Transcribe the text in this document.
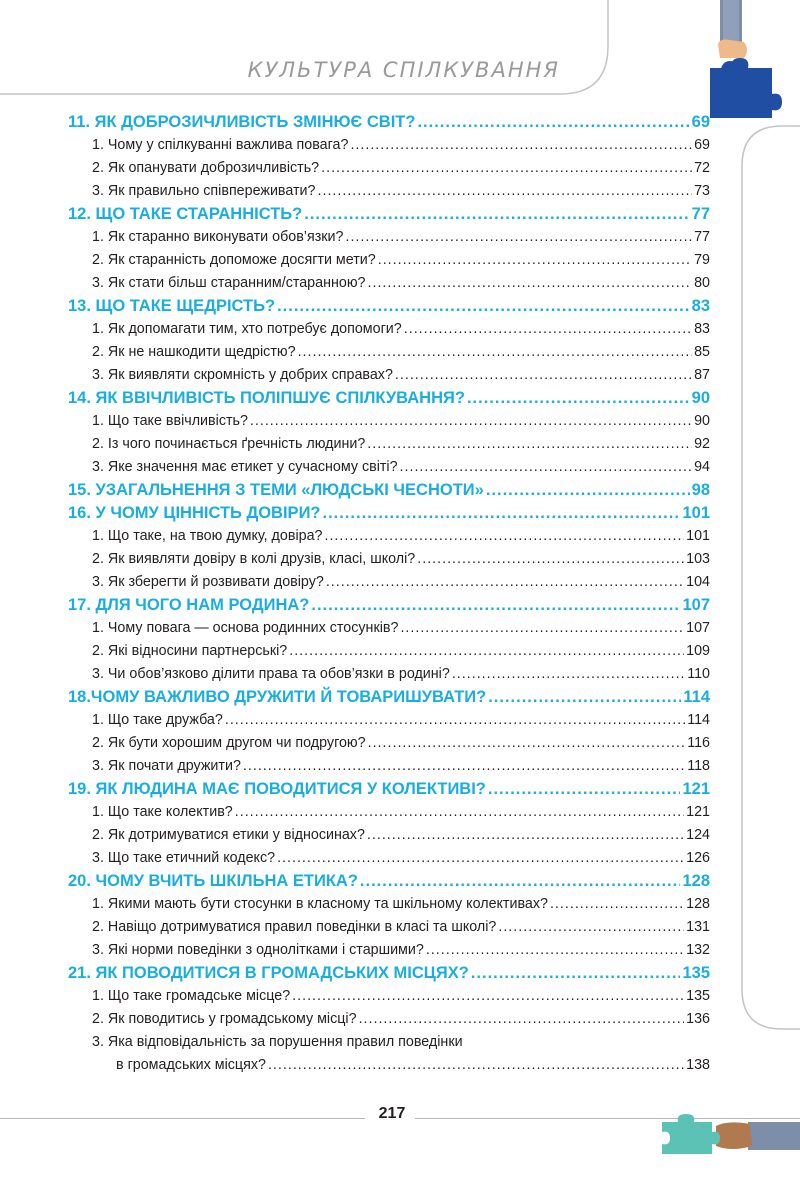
КУЛЬТУРА СПІЛКУВАННЯ
11. ЯК ДОБРОЗИЧЛИВІСТЬ ЗМІНЮЄ СВІТ? .....	69
1. Чому у спілкуванні важлива повага? .....	69
2. Як опанувати доброзичливість? .....	72
3. Як правильно співпереживати? .....	73
12. ЩО ТАКЕ СТАРАННІСТЬ? .....	77
1. Як старанно виконувати обов’язки? .....	77
2. Як старанність допоможе досягти мети? .....	79
3. Як стати більш старанним/старанною? .....	80
13. ЩО ТАКЕ ЩЕДРІСТЬ? .....	83
1. Як допомагати тим, хто потребує допомоги? .....	83
2. Як не нашкодити щедрістю? .....	85
3. Як виявляти скромність у добрих справах? .....	87
14. ЯК ВВІЧЛИВІСТЬ ПОЛІПШУЄ СПІЛКУВАННЯ? .....	90
1. Що таке ввічливість? .....	90
2. Із чого починається ґречність людини? .....	92
3. Яке значення має етикет у сучасному світі? .....	94
15. УЗАГАЛЬНЕННЯ З ТЕМИ «ЛЮДСЬКІ ЧЕСНОТИ» .....	98
16. У ЧОМУ ЦІННІСТЬ ДОВІРИ? .....	101
1. Що таке, на твою думку, довіра? .....	101
2. Як виявляти довіру в колі друзів, класі, школі? .....	103
3. Як зберегти й розвивати довіру? .....	104
17. ДЛЯ ЧОГО НАМ РОДИНА? .....	107
1. Чому повага — основа родинних стосунків? .....	107
2. Які відносини партнерські? .....	109
3. Чи обов’язково ділити права та обов’язки в родині? .....	110
18.ЧОМУ ВАЖЛИВО ДРУЖИТИ Й ТОВАРИШУВАТИ? .....	114
1. Що таке дружба? .....	114
2. Як бути хорошим другом чи подругою? .....	116
3. Як почати дружити? .....	118
19. ЯК ЛЮДИНА МАЄ ПОВОДИТИСЯ У КОЛЕКТИВІ? .....	121
1. Що таке колектив? .....	121
2. Як дотримуватися етики у відносинах? .....	124
3. Що таке етичний кодекс? .....	126
20. ЧОМУ ВЧИТЬ ШКІЛЬНА ЕТИКА? .....	128
1. Якими мають бути стосунки в класному та шкільному колективах? .....	128
2. Навіщо дотримуватися правил поведінки в класі та школі? .....	131
3. Які норми поведінки з однолітками і старшими? .....	132
21. ЯК ПОВОДИТИСЯ В ГРОМАДСЬКИХ МІСЦЯХ? .....	135
1. Що таке громадське місце? .....	135
2. Як поводитись у громадському місці? .....	136
3. Яка відповідальність за порушення правил поведінки
в громадських місцях? .....	138
217
